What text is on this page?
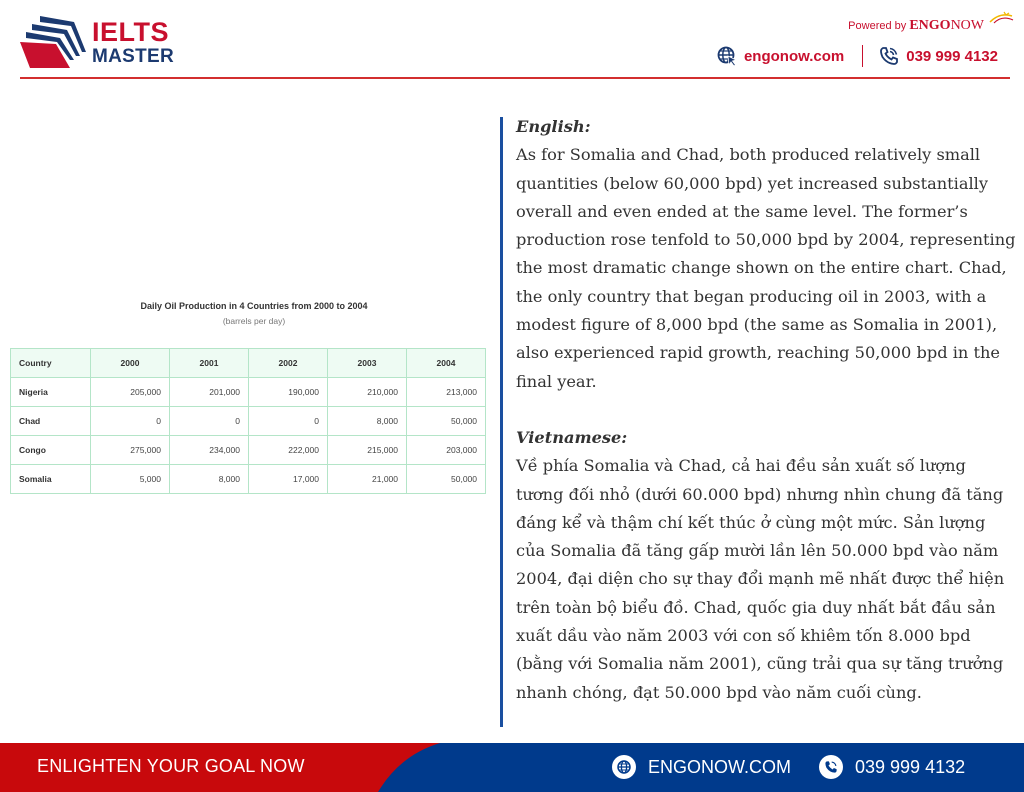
IELTS
MASTER
Powered by ENGONOW
engonow.com	039 999 4132
Daily Oil Production in 4 Countries from 2000 to 2004
(barrels per day)
Country	2000	2001	2002	2003	2004
Nigeria	205,000	201,000	190,000	210,000	213,000
Chad	0	0	0	8,000	50,000
Congo	275,000	234,000	222,000	215,000	203,000
Somalia	5,000	8,000	17,000	21,000	50,000

English:

As for Somalia and Chad, both produced relatively small quantities (below 60,000 bpd) yet increased substantially overall and even ended at the same level. The former’s production rose tenfold to 50,000 bpd by 2004, representing the most dramatic change shown on the entire chart. Chad, the only country that began producing oil in 2003, with a modest figure of 8,000 bpd (the same as Somalia in 2001), also experienced rapid growth, reaching 50,000 bpd in the final year.

Vietnamese:

Về phía Somalia và Chad, cả hai đều sản xuất số lượng tương đối nhỏ (dưới 60.000 bpd) nhưng nhìn chung đã tăng đáng kể và thậm chí kết thúc ở cùng một mức. Sản lượng của Somalia đã tăng gấp mười lần lên 50.000 bpd vào năm 2004, đại diện cho sự thay đổi mạnh mẽ nhất được thể hiện trên toàn bộ biểu đồ. Chad, quốc gia duy nhất bắt đầu sản xuất dầu vào năm 2003 với con số khiêm tốn 8.000 bpd (bằng với Somalia năm 2001), cũng trải qua sự tăng trưởng nhanh chóng, đạt 50.000 bpd vào năm cuối cùng.

ENLIGHTEN YOUR GOAL NOW	ENGONOW.COM	039 999 4132
